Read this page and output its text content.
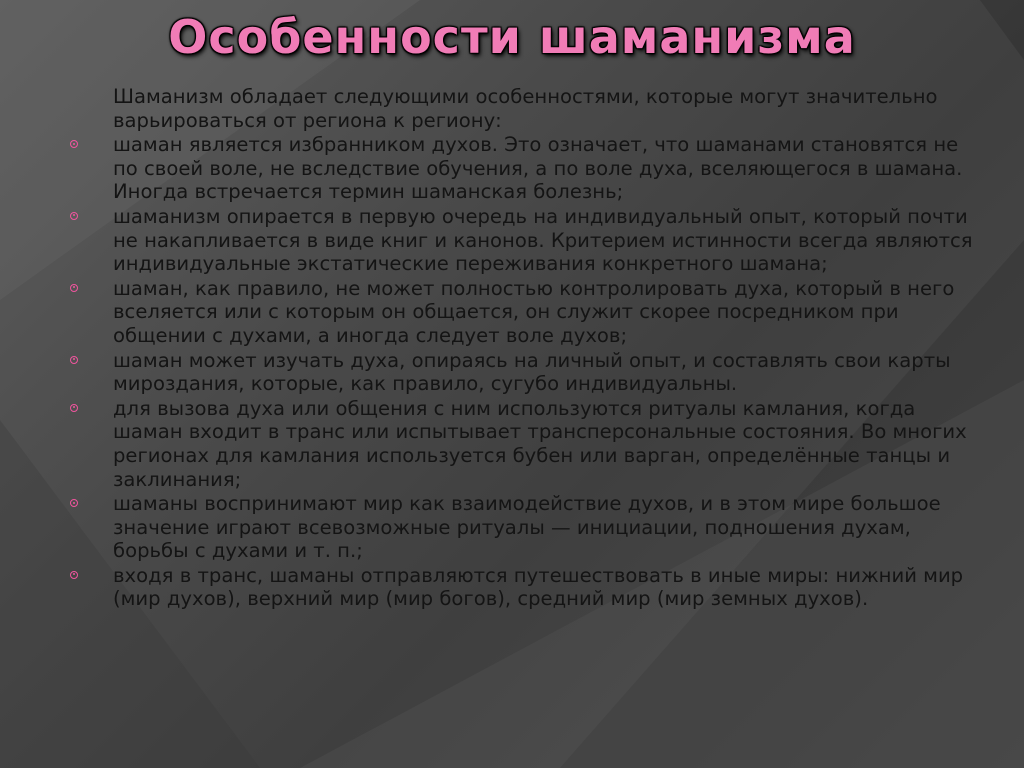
Особенности шаманизма

Шаманизм обладает следующими особенностями, которые могут значительно варьироваться от региона к региону:

шаман является избранником духов. Это означает, что шаманами становятся не по своей воле, не вследствие обучения, а по воле духа, вселяющегося в шамана. Иногда встречается термин шаманская болезнь;
шаманизм опирается в первую очередь на индивидуальный опыт, который почти не накапливается в виде книг и канонов. Критерием истинности всегда являются индивидуальные экстатические переживания конкретного шамана;
шаман, как правило, не может полностью контролировать духа, который в него вселяется или с которым он общается, он служит скорее посредником при общении с духами, а иногда следует воле духов;
шаман может изучать духа, опираясь на личный опыт, и составлять свои карты мироздания, которые, как правило, сугубо индивидуальны.
для вызова духа или общения с ним используются ритуалы камлания, когда шаман входит в транс или испытывает трансперсональные состояния. Во многих регионах для камлания используется бубен или варган, определённые танцы и заклинания;
шаманы воспринимают мир как взаимодействие духов, и в этом мире большое значение играют всевозможные ритуалы — инициации, подношения духам, борьбы с духами и т. п.;
входя в транс, шаманы отправляются путешествовать в иные миры: нижний мир (мир духов), верхний мир (мир богов), средний мир (мир земных духов).
